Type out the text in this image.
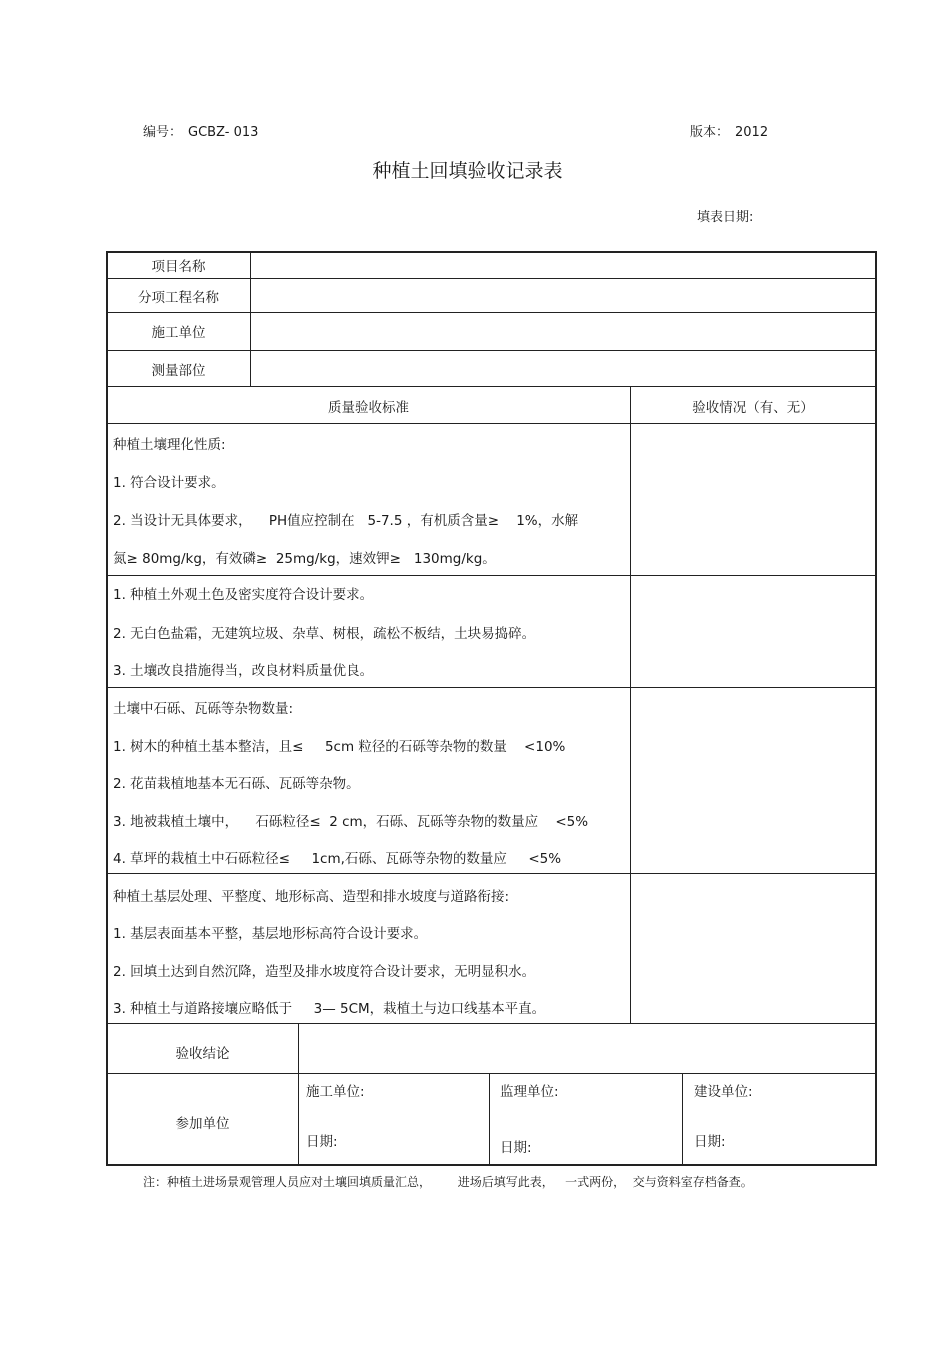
编号： GCBZ- 013	版本： 2012
种植土回填验收记录表
填表日期:
项目名称
分项工程名称
施工单位
测量部位
质量验收标准	验收情况（有、无）
种植土壤理化性质:
1. 符合设计要求。
2. 当设计无具体要求，    PH值应控制在   5-7.5 ，有机质含量≥    1%，水解
氮≥ 80mg/kg，有效磷≥  25mg/kg，速效钾≥   130mg/kg。
1. 种植土外观土色及密实度符合设计要求。
2. 无白色盐霜，无建筑垃圾、杂草、树根，疏松不板结，土块易捣碎。
3. 土壤改良措施得当，改良材料质量优良。
土壤中石砾、瓦砾等杂物数量:
1. 树木的种植土基本整洁，且≤     5cm 粒径的石砾等杂物的数量    <10%
2. 花苗栽植地基本无石砾、瓦砾等杂物。
3. 地被栽植土壤中，    石砾粒径≤  2 cm，石砾、瓦砾等杂物的数量应    <5%
4. 草坪的栽植土中石砾粒径≤     1cm,石砾、瓦砾等杂物的数量应     <5%
种植土基层处理、平整度、地形标高、造型和排水坡度与道路衔接:
1. 基层表面基本平整，基层地形标高符合设计要求。
2. 回填土达到自然沉降，造型及排水坡度符合设计要求，无明显积水。
3. 种植土与道路接壤应略低于     3— 5CM，栽植土与边口线基本平直。
验收结论
参加单位
施工单位:
日期:
监理单位:
日期:
建设单位:
日期:
注：种植土进场景观管理人员应对土壤回填质量汇总，       进场后填写此表，   一式两份，  交与资料室存档备查。
